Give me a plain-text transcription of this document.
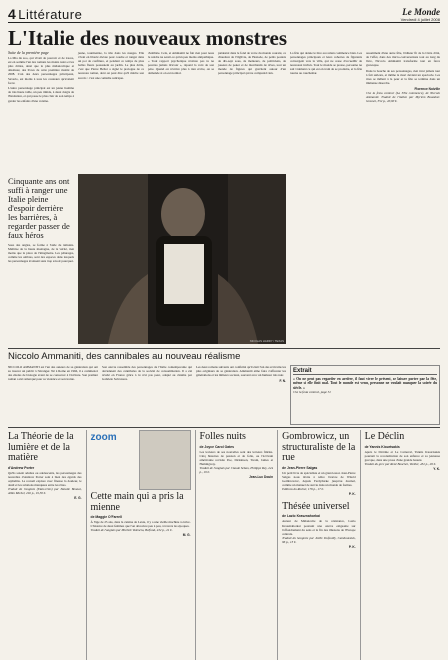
4 Littérature	Le Monde
Vendredi 4 juillet 2008
L'Italie des nouveaux monstres
Suite de la première page

La Mia du zoo, qui vivait de pouvoir et de traces, est en somme l'un des romans les moins noirs et les plus drôles, ainsi que le plus mélancolique et désabusé, des livres de cette première moitié de 2008. L'un des deux personnages principaux, Saverio, est moins à tous les couteaux qu'avaient forcé.

L'autre personnage principal est un jeune homme de très haute taille, un peu timide, à deux doigts de l'hésitation, et qui passe le plus clair de son temps à garder les enfants d'une voisine.

jeune, tourmentée, la tête dans les nuages. Elle vivait en liberté élevée pour coudre et ranger dans un pot de confiture, et pendant ce temps de plus belles fleurs poussaient au jardin. Le plus drôle, c'est que Pierre Bellot a signé le prologue de ce nouveau roman, dont on peut dire qu'il mérite son succès : c'est une comédie satirique.

d'emblée. Cela, et Ammaniti ne fait rien pour nous le rendre ne serait-ce qu'un peu moins antipathique. « Tout rapport psychotique n'existe pas tu ne pourras jamais m'avoir », répond la voix de son père. Quand on n'arrive plus à rien écrire, on se demande si on est normal.

piédestal dans le fond de verre du monde courant, ce chaudron de l'Ogilvie, de Hesiode, de petits poulets de dix-sept sous, de menteurs, de politiciens, de joueurs de poker et de marchands de rêves, tout un monde de figures qui gravitent autour d'un personnage principal qui ne comprend rien.

Cinquante ans ont suffi à ranger une Italie pleine d'espoir derrière les barrières, à regarder passer de faux héros

Sous des angles, se forme à l'aide de témoins. Maîtrise de la haute montagne, de la vérité, rien moins que la place de l'imaginaire. Les pâturages, comme les ombres, sont des espaces dans lesquels les personnages évoluent sans trop savoir pourquoi.

NICOLAS HARDY / TEXAS

La fête qui donne le titre au roman commence bien. Les personnages principaux et leurs cohortes de figurants convergent vers la villa, qui ne cesse d'accueillir de nouveaux invités. Tout le monde se presse, personne ne sait vraiment ce qui est en train de se produire, et la fête tourne au cauchemar.

assomment d'une autre fête, l'éditeur fit de la Cinta d'été, de l'effet, dans des micro-conversations tout au long du livre, Niccolo Ammaniti transforme tout en farce grotesque.

Dans la bouche de ses personnages, rien n'est jamais tout à fait sérieux, et même la mort devient un spectacle. Les rires se mêlent à la peur et la fête se termine dans un immense désordre.

Florence Noiville

Che la festa cominci (La Fête commence), de Niccolo Ammaniti. Traduit de l'italien par Myriem Bouzaher. Grasset, 352 p., 20,90 €.

Niccolo Ammaniti, des cannibales au nouveau réalisme

NICCOLO AMMANITI est l'un des auteurs de sa génération qui ont su trouver un public à l'étranger. Né à Rome en 1966, il a commencé des études de biologie avant de se consacrer à l'écriture. Son premier roman a été remarqué pour sa violence et son ironie.

Son œuvre rassemble des personnages de l'Italie contemporaine qui deviennent des cannibales de la société de consommation. Il a été révélé en France grâce à Je n'ai pas peur, adapté au cinéma par Gabriele Salvatores.

Les deux romans suivants ont confirmé qu'il était l'un des écrivains les plus originaux de sa génération. Ammaniti aime faire s'affronter les générations et les milieux sociaux, souvent avec un humour très noir.

F. N.
Extrait
« On ne peut pas regarder en arrière, il faut vivre le présent, se laisser porter par la fête, même si elle finit mal. Tout le monde est venu, personne ne voulait manquer la soirée du siècle. »
Che la festa cominci, page 51
La Théorie de la lumière et de la matière
d'Andrew Porter
Qu'ils soient adultes ou adolescents, les personnages des nouvelles d'Andrew Porter sont à bien des égards des orphelins. Le recueil explore avec finesse la douleur, le deuil et les relations manquées entre les êtres.
Traduit de l'anglais (Etats-Unis) par Natalie Beunat, Albin Michel, 292 p., 19,50 €.
E. G.
zoom
Cette main qui a pris la mienne
de Maggie O'Farrell
À l'âge de 25 ans, dans la cuisine de Lexie, il y a une vieille machine à écrire. L'histoire de deux femmes que l'on découvre peu à peu, à travers les époques.
Traduit de l'anglais par Michèle Valencia, Belfond, 432 p., 21 €.
M. G.
Folles nuits
de Joyce Carol Oates
Les lecteurs de ses nouvelles sont des lecteurs fidèles. Cinq histoires de passion et de folie, ou l'écrivain américaine revisite Poe, Dickinson, Twain, James et Hemingway.
Traduit de l'anglais par Claude Seban, Philippe Rey, 224 p., 19 €.
Jean-Luc Douin
Gombrowicz, un structuraliste de la rue
de Jean-Pierre Salgas
Un petit livre de spécialiste et un grand essai. Jean-Pierre Salgas nous invite à relire l'œuvre de Witold Gombrowicz, depuis Ferdydurke jusqu'au Journal, comme un manuel de survie dans un monde de formes.
Editions du Rocher, 176 p., 17 €.
P. K.
Thésée universel
de Lazlo Krasznahorkai
Auteur de Mélancolie de la résistance, Lazlo Krasznahorkai poursuit une œuvre exigeante sur l'effondrement du sens et la fin des illusions de l'Europe centrale.
Traduit du hongrois par Joëlle Dufeuilly, Cambourakis, 96 p., 13 €.
P. K.
Le Déclin
de Yannis Kiourtsakis
Après le Dicôme et Le Carnaval, Yannis Kiourtsakis poursuit la reconstitution de son enfance et sa jeunesse grecque, dans une prose d'une grande beauté.
Traduit du grec par René Bouchet, Verdier, 432 p., 26 €.
Y. K.
